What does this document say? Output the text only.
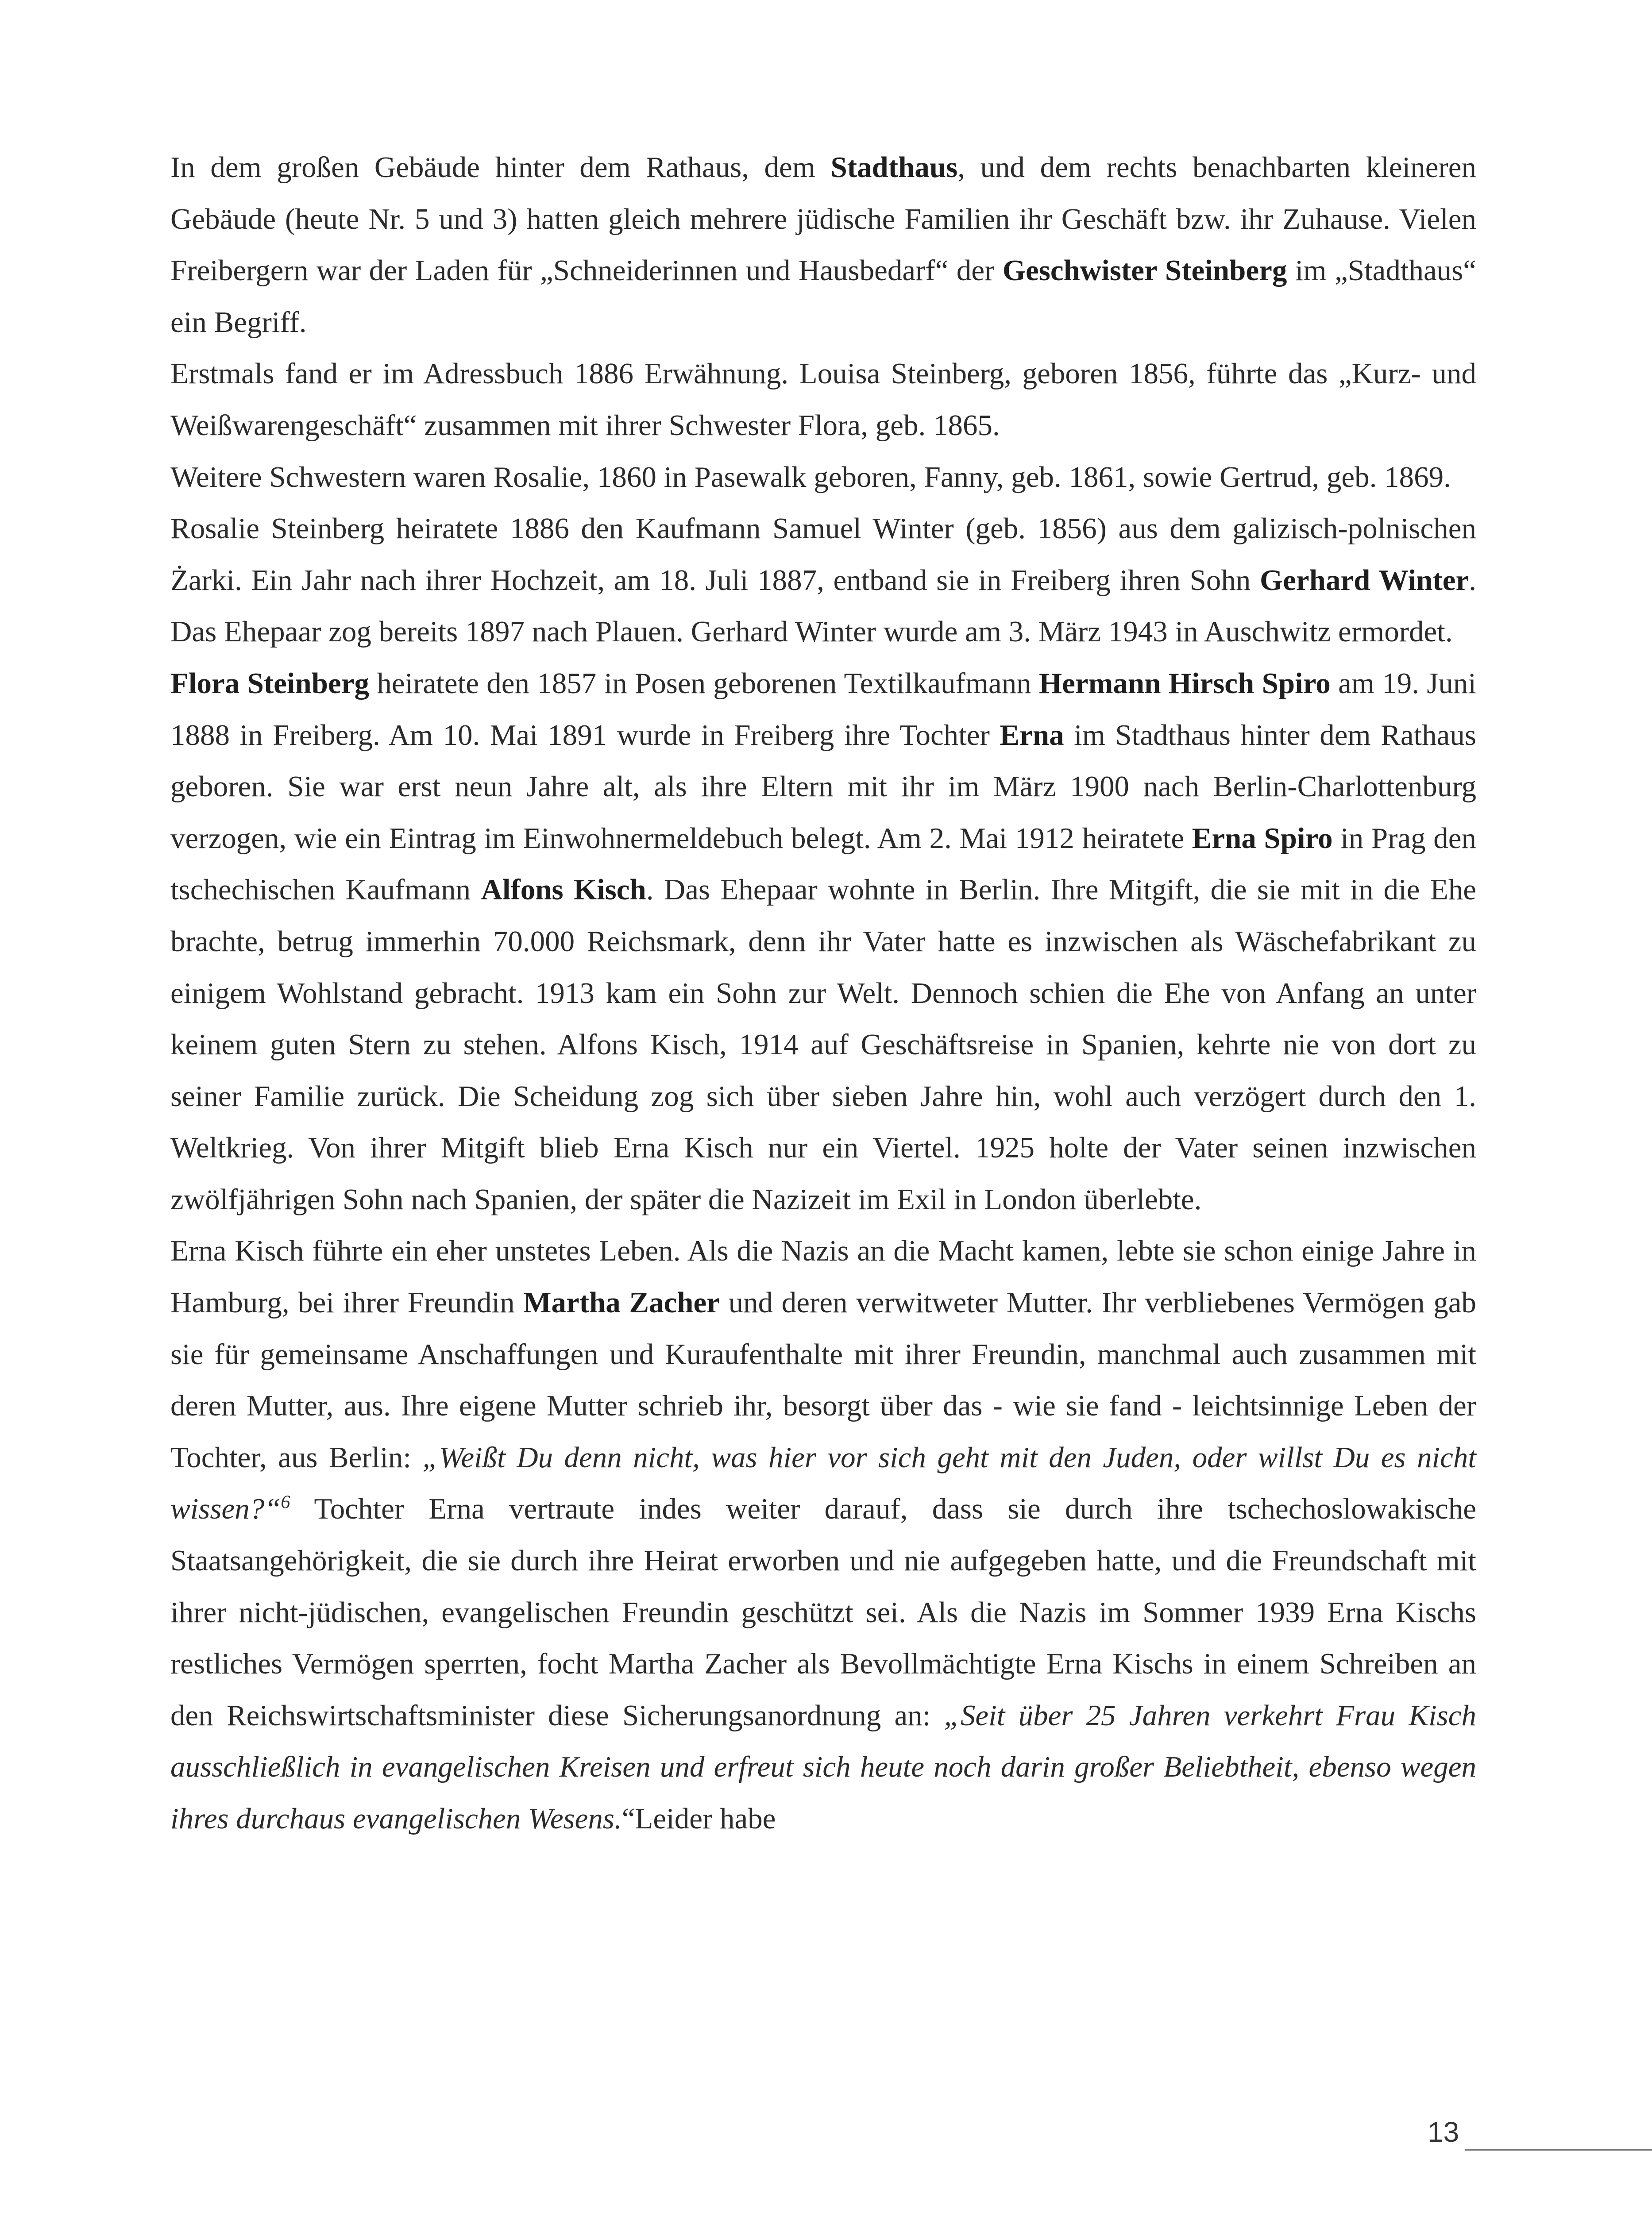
In dem großen Gebäude hinter dem Rathaus, dem Stadthaus, und dem rechts benachbarten kleineren Gebäude (heute Nr. 5 und 3) hatten gleich mehrere jüdische Familien ihr Geschäft bzw. ihr Zuhause. Vielen Freibergern war der Laden für „Schneiderinnen und Hausbedarf“ der Geschwister Steinberg im „Stadthaus“ ein Begriff.

Erstmals fand er im Adressbuch 1886 Erwähnung. Louisa Steinberg, geboren 1856, führte das „Kurz- und Weißwarengeschäft“ zusammen mit ihrer Schwester Flora, geb. 1865.

Weitere Schwestern waren Rosalie, 1860 in Pasewalk geboren, Fanny, geb. 1861, sowie Gertrud, geb. 1869.

Rosalie Steinberg heiratete 1886 den Kaufmann Samuel Winter (geb. 1856) aus dem galizisch-polnischen Żarki. Ein Jahr nach ihrer Hochzeit, am 18. Juli 1887, entband sie in Freiberg ihren Sohn Gerhard Winter. Das Ehepaar zog bereits 1897 nach Plauen. Gerhard Winter wurde am 3. März 1943 in Auschwitz ermordet.

Flora Steinberg heiratete den 1857 in Posen geborenen Textilkaufmann Hermann Hirsch Spiro am 19. Juni 1888 in Freiberg. Am 10. Mai 1891 wurde in Freiberg ihre Tochter Erna im Stadthaus hinter dem Rathaus geboren. Sie war erst neun Jahre alt, als ihre Eltern mit ihr im März 1900 nach Berlin-Charlottenburg verzogen, wie ein Eintrag im Einwohnermeldebuch belegt. Am 2. Mai 1912 heiratete Erna Spiro in Prag den tschechischen Kaufmann Alfons Kisch. Das Ehepaar wohnte in Berlin. Ihre Mitgift, die sie mit in die Ehe brachte, betrug immerhin 70.000 Reichsmark, denn ihr Vater hatte es inzwischen als Wäschefabrikant zu einigem Wohlstand gebracht. 1913 kam ein Sohn zur Welt. Dennoch schien die Ehe von Anfang an unter keinem guten Stern zu stehen. Alfons Kisch, 1914 auf Geschäftsreise in Spanien, kehrte nie von dort zu seiner Familie zurück. Die Scheidung zog sich über sieben Jahre hin, wohl auch verzögert durch den 1. Weltkrieg. Von ihrer Mitgift blieb Erna Kisch nur ein Viertel. 1925 holte der Vater seinen inzwischen zwölfjährigen Sohn nach Spanien, der später die Nazizeit im Exil in London überlebte.

Erna Kisch führte ein eher unstetes Leben. Als die Nazis an die Macht kamen, lebte sie schon einige Jahre in Hamburg, bei ihrer Freundin Martha Zacher und deren verwitweter Mutter. Ihr verbliebenes Vermögen gab sie für gemeinsame Anschaffungen und Kuraufenthalte mit ihrer Freundin, manchmal auch zusammen mit deren Mutter, aus. Ihre eigene Mutter schrieb ihr, besorgt über das - wie sie fand - leichtsinnige Leben der Tochter, aus Berlin: „Weißt Du denn nicht, was hier vor sich geht mit den Juden, oder willst Du es nicht wissen?“$^6$ Tochter Erna vertraute indes weiter darauf, dass sie durch ihre tschechoslowakische Staatsangehörigkeit, die sie durch ihre Heirat erworben und nie aufgegeben hatte, und die Freundschaft mit ihrer nicht-jüdischen, evangelischen Freundin geschützt sei. Als die Nazis im Sommer 1939 Erna Kischs restliches Vermögen sperrten, focht Martha Zacher als Bevollmächtigte Erna Kischs in einem Schreiben an den Reichswirtschaftsminister diese Sicherungsanordnung an: „Seit über 25 Jahren verkehrt Frau Kisch ausschließlich in evangelischen Kreisen und erfreut sich heute noch darin großer Beliebtheit, ebenso wegen ihres durchaus evangelischen Wesens.“Leider habe

13
